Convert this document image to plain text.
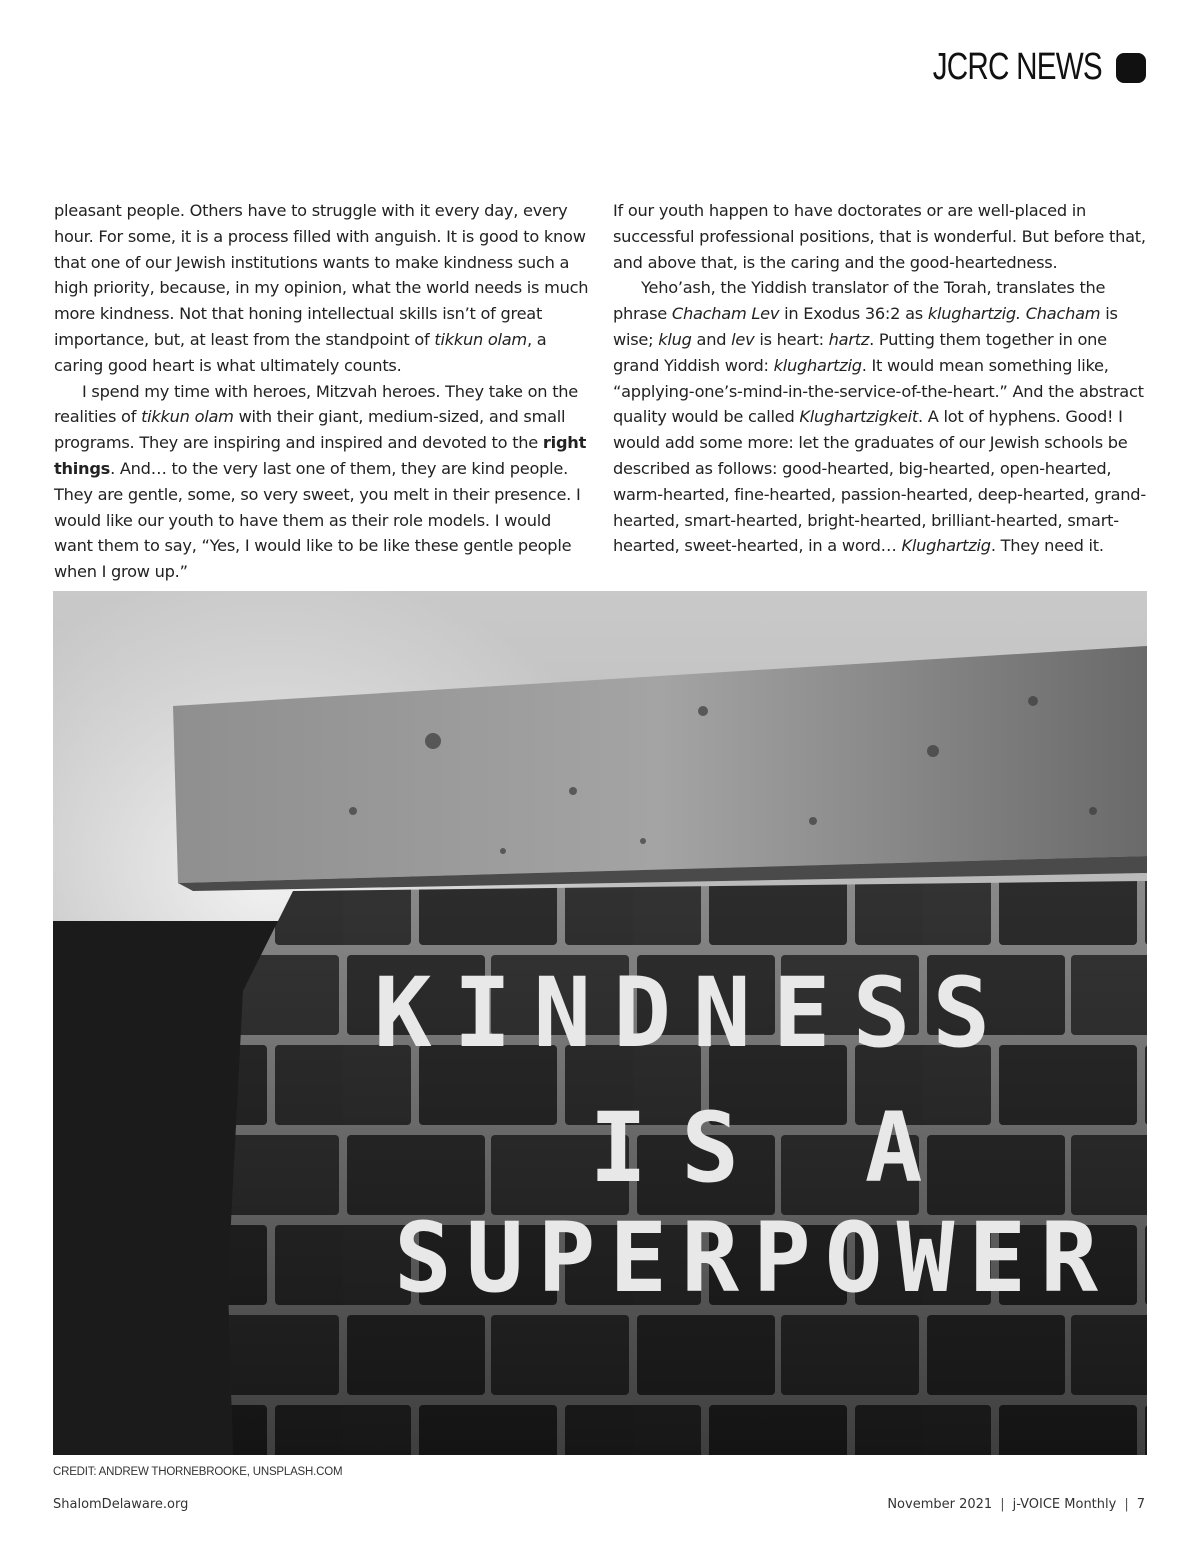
JCRC NEWS

pleasant people. Others have to struggle with it every day, every hour. For some, it is a process filled with anguish. It is good to know that one of our Jewish institutions wants to make kindness such a high priority, because, in my opinion, what the world needs is much more kindness. Not that honing intellectual skills isn’t of great importance, but, at least from the standpoint of tikkun olam, a caring good heart is what ultimately counts.

I spend my time with heroes, Mitzvah heroes. They take on the realities of tikkun olam with their giant, medium-sized, and small programs. They are inspiring and inspired and devoted to the right things. And… to the very last one of them, they are kind people. They are gentle, some, so very sweet, you melt in their presence. I would like our youth to have them as their role models. I would want them to say, “Yes, I would like to be like these gentle people when I grow up.”

If our youth happen to have doctorates or are well-placed in successful professional positions, that is wonderful. But before that, and above that, is the caring and the good-heartedness.

Yeho’ash, the Yiddish translator of the Torah, translates the phrase Chacham Lev in Exodus 36:2 as klughartzig. Chacham is wise; klug and lev is heart: hartz. Putting them together in one grand Yiddish word: klughartzig. It would mean something like, “applying-one’s-mind-in-the-service-of-the-heart.” And the abstract quality would be called Klughartzigkeit. A lot of hyphens. Good! I would add some more: let the graduates of our Jewish schools be described as follows: good-hearted, big-hearted, open-hearted, warm-hearted, fine-hearted, passion-hearted, deep-hearted, grand-hearted, smart-hearted, bright-hearted, brilliant-hearted, smart-hearted, sweet-hearted, in a word… Klughartzig. They need it.

KINDNESS
IS A
SUPERPOWER
CREDIT: ANDREW THORNEBROOKE, UNSPLASH.COM
ShalomDelaware.org	November 2021 | j-VOICE Monthly | 7
